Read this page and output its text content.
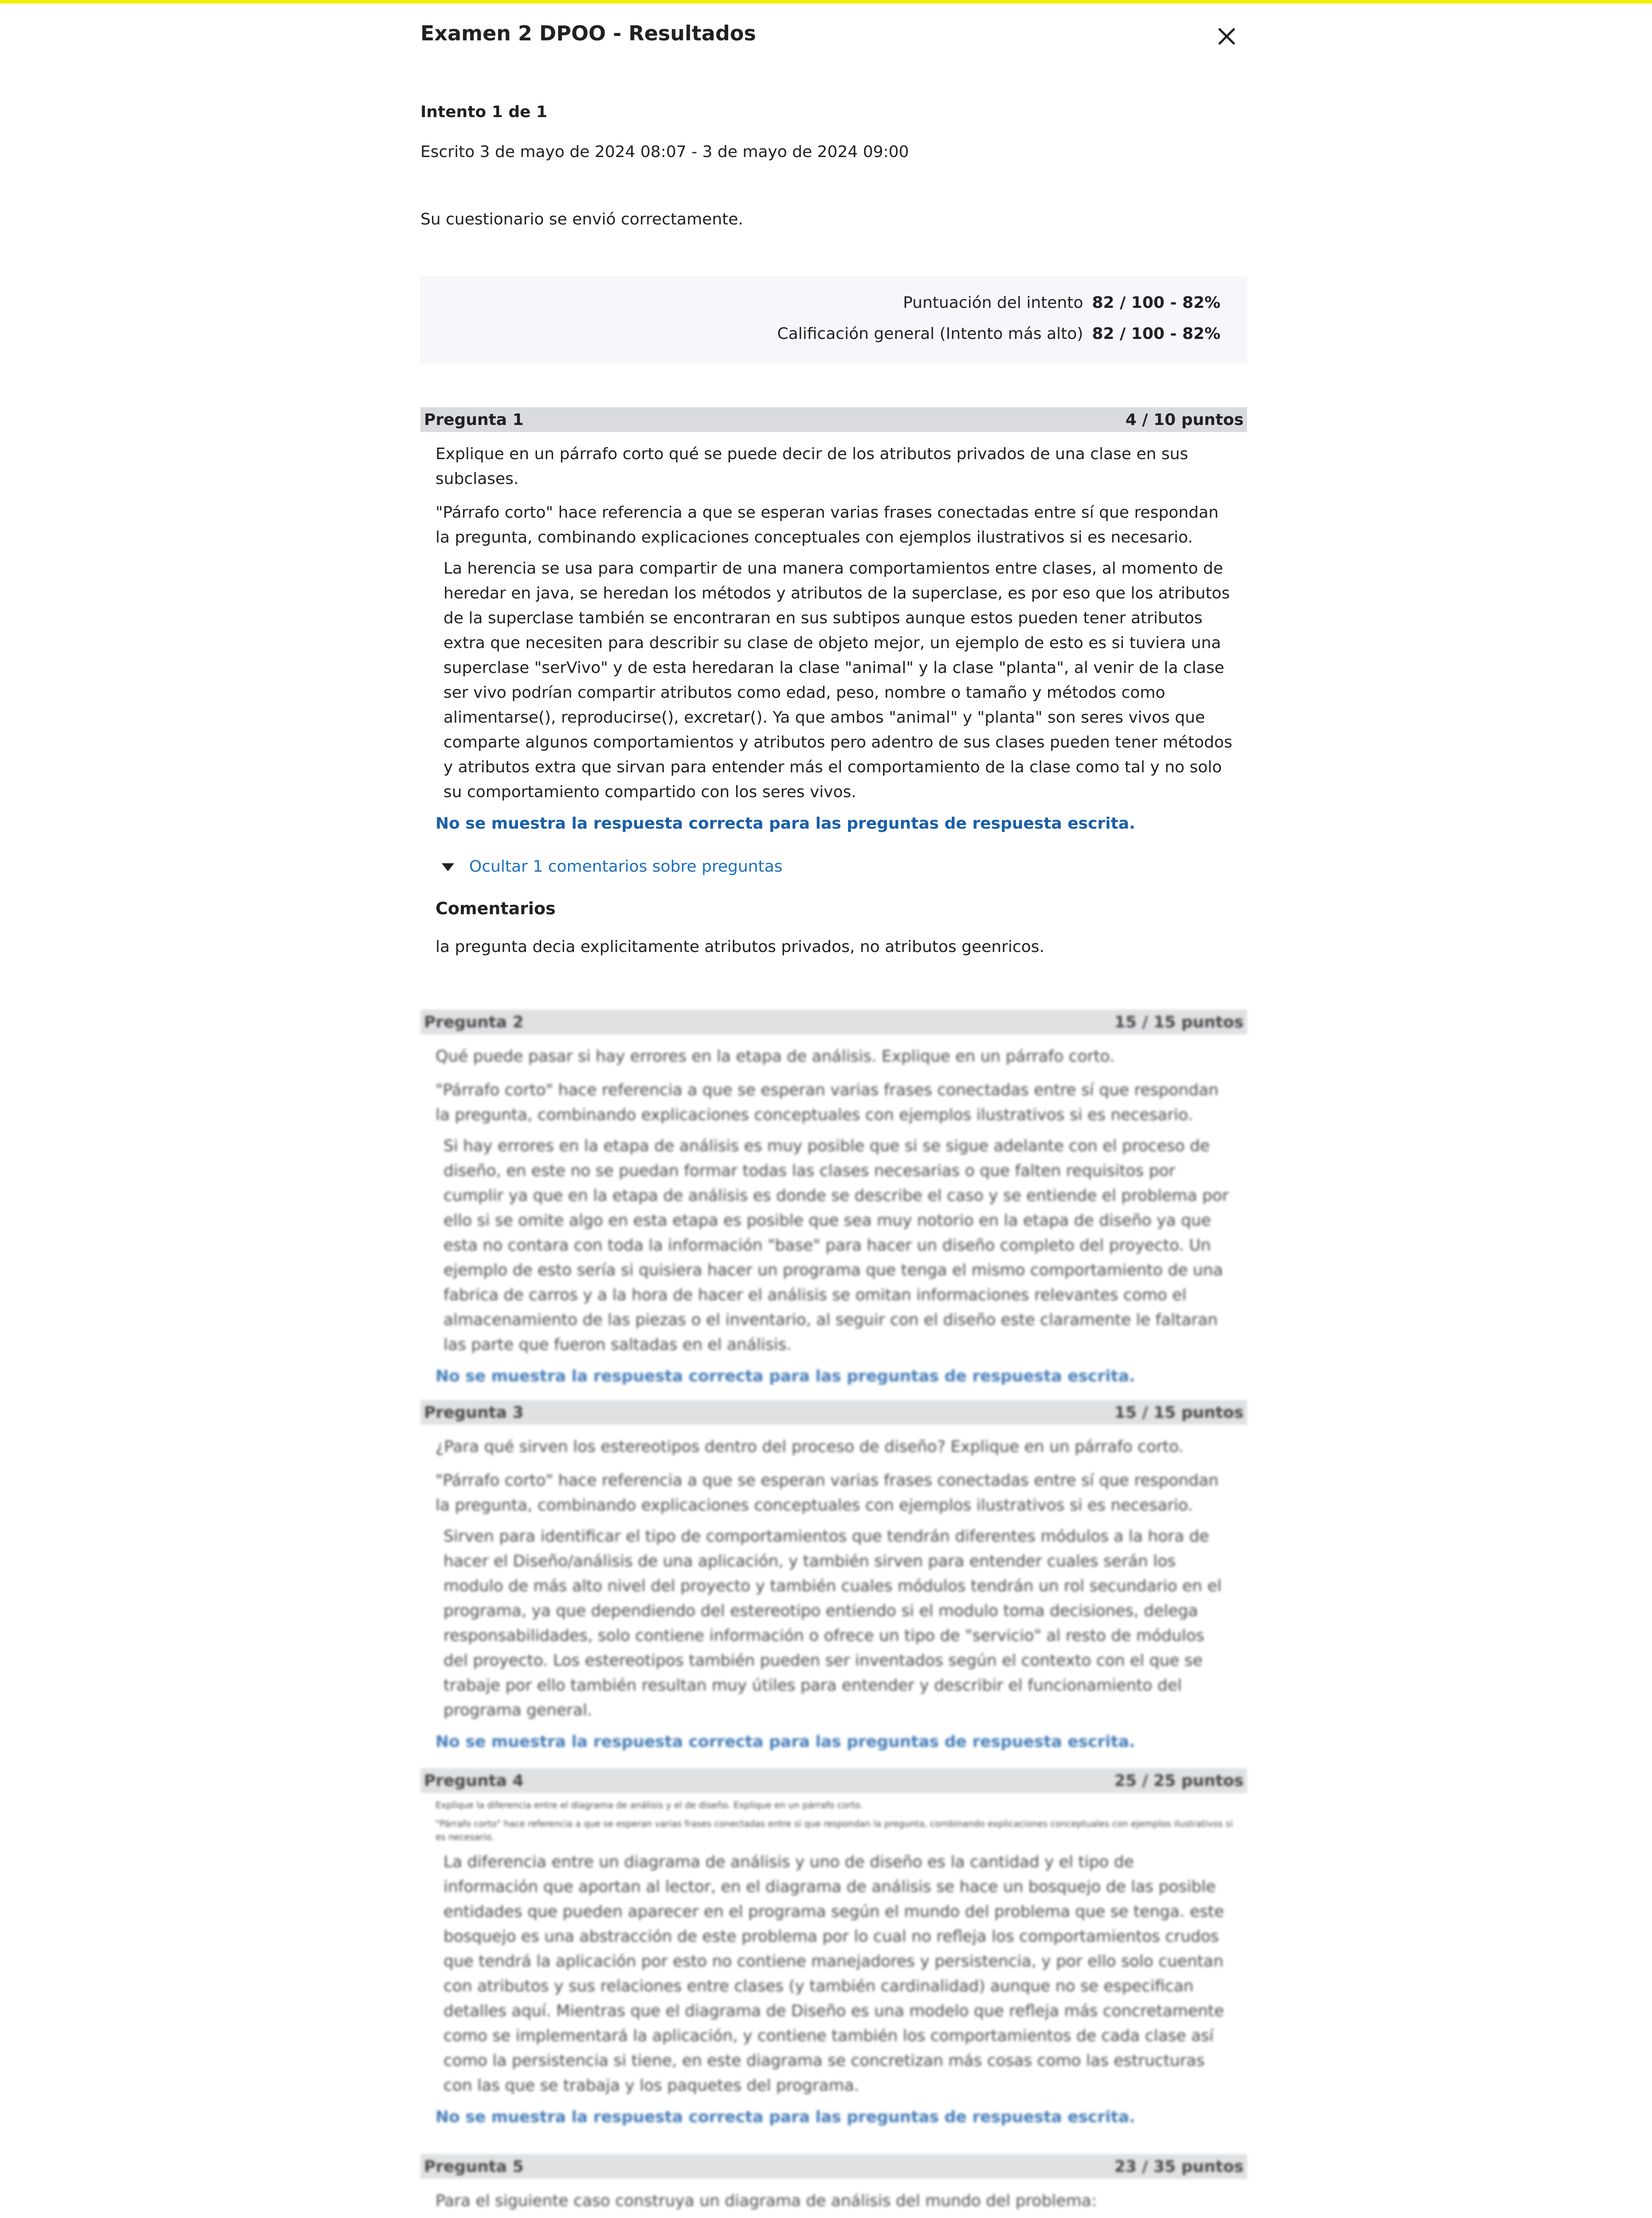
Examen 2 DPOO - Resultados
Intento 1 de 1
Escrito 3 de mayo de 2024 08:07 - 3 de mayo de 2024 09:00
Su cuestionario se envió correctamente.
Puntuación del intento 82 / 100 - 82%
Calificación general (Intento más alto) 82 / 100 - 82%
Pregunta 1	4 / 10 puntos
Explique en un párrafo corto qué se puede decir de los atributos privados de una clase en sus subclases.
"Párrafo corto" hace referencia a que se esperan varias frases conectadas entre sí que respondan la pregunta, combinando explicaciones conceptuales con ejemplos ilustrativos si es necesario.
La herencia se usa para compartir de una manera comportamientos entre clases, al momento de heredar en java, se heredan los métodos y atributos de la superclase, es por eso que los atributos de la superclase también se encontraran en sus subtipos aunque estos pueden tener atributos extra que necesiten para describir su clase de objeto mejor, un ejemplo de esto es si tuviera una superclase "serVivo" y de esta heredaran la clase "animal" y la clase "planta", al venir de la clase ser vivo podrían compartir atributos como edad, peso, nombre o tamaño y métodos como alimentarse(), reproducirse(), excretar(). Ya que ambos "animal" y "planta" son seres vivos que comparte algunos comportamientos y atributos pero adentro de sus clases pueden tener métodos y atributos extra que sirvan para entender más el comportamiento de la clase como tal y no solo su comportamiento compartido con los seres vivos.
No se muestra la respuesta correcta para las preguntas de respuesta escrita.
Ocultar 1 comentarios sobre preguntas
Comentarios
la pregunta decia explicitamente atributos privados, no atributos geenricos.
Pregunta 2	15 / 15 puntos
Qué puede pasar si hay errores en la etapa de análisis. Explique en un párrafo corto.
"Párrafo corto" hace referencia a que se esperan varias frases conectadas entre sí que respondan la pregunta, combinando explicaciones conceptuales con ejemplos ilustrativos si es necesario.
Si hay errores en la etapa de análisis es muy posible que si se sigue adelante con el proceso de diseño, en este no se puedan formar todas las clases necesarias o que falten requisitos por cumplir ya que en la etapa de análisis es donde se describe el caso y se entiende el problema por ello si se omite algo en esta etapa es posible que sea muy notorio en la etapa de diseño ya que esta no contara con toda la información "base" para hacer un diseño completo del proyecto. Un ejemplo de esto sería si quisiera hacer un programa que tenga el mismo comportamiento de una fabrica de carros y a la hora de hacer el análisis se omitan informaciones relevantes como el almacenamiento de las piezas o el inventario, al seguir con el diseño este claramente le faltaran las parte que fueron saltadas en el análisis.
No se muestra la respuesta correcta para las preguntas de respuesta escrita.
Pregunta 3	15 / 15 puntos
¿Para qué sirven los estereotipos dentro del proceso de diseño? Explique en un párrafo corto.
"Párrafo corto" hace referencia a que se esperan varias frases conectadas entre sí que respondan la pregunta, combinando explicaciones conceptuales con ejemplos ilustrativos si es necesario.
Sirven para identificar el tipo de comportamientos que tendrán diferentes módulos a la hora de hacer el Diseño/análisis de una aplicación, y también sirven para entender cuales serán los modulo de más alto nivel del proyecto y también cuales módulos tendrán un rol secundario en el programa, ya que dependiendo del estereotipo entiendo si el modulo toma decisiones, delega responsabilidades, solo contiene información o ofrece un tipo de "servicio" al resto de módulos del proyecto. Los estereotipos también pueden ser inventados según el contexto con el que se trabaje por ello también resultan muy útiles para entender y describir el funcionamiento del programa general.
No se muestra la respuesta correcta para las preguntas de respuesta escrita.
Pregunta 4	25 / 25 puntos
Explique la diferencia entre el diagrama de análisis y el de diseño. Explique en un párrafo corto.
"Párrafo corto" hace referencia a que se esperan varias frases conectadas entre sí que respondan la pregunta, combinando explicaciones conceptuales con ejemplos ilustrativos si es necesario.
La diferencia entre un diagrama de análisis y uno de diseño es la cantidad y el tipo de información que aportan al lector, en el diagrama de análisis se hace un bosquejo de las posible entidades que pueden aparecer en el programa según el mundo del problema que se tenga. este bosquejo es una abstracción de este problema por lo cual no refleja los comportamientos crudos que tendrá la aplicación por esto no contiene manejadores y persistencia, y por ello solo cuentan con atributos y sus relaciones entre clases (y también cardinalidad) aunque no se especifican detalles aquí. Mientras que el diagrama de Diseño es una modelo que refleja más concretamente como se implementará la aplicación, y contiene también los comportamientos de cada clase así como la persistencia si tiene, en este diagrama se concretizan más cosas como las estructuras con las que se trabaja y los paquetes del programa.
No se muestra la respuesta correcta para las preguntas de respuesta escrita.
Pregunta 5	23 / 35 puntos
Para el siguiente caso construya un diagrama de análisis del mundo del problema:
